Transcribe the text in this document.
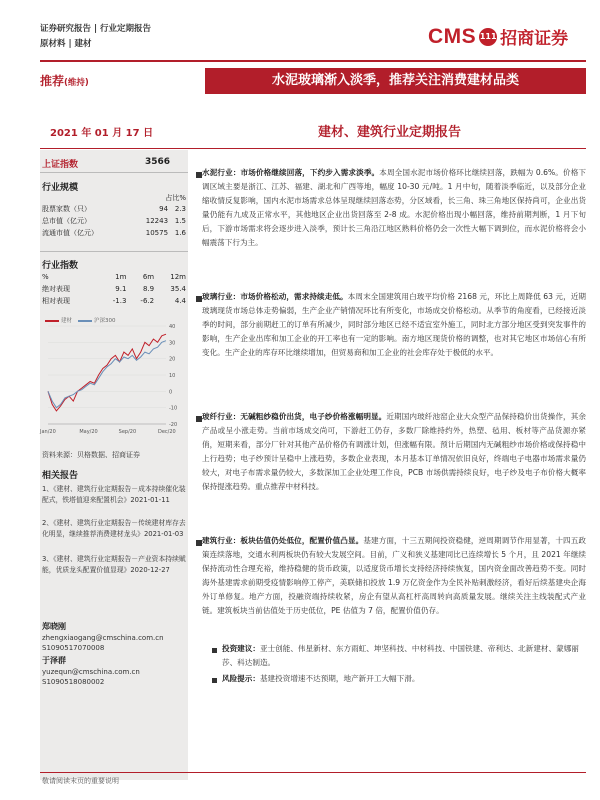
证券研究报告 | 行业定期报告
原材料 | 建材	CMS 111 招商证券
推荐(维持)	水泥玻璃渐入淡季，推荐关注消费建材品类
2021 年 01 月 17 日	建材、建筑行业定期报告
上证指数	3566
行业规模
占比%
股票家数（只）	94	2.3
总市值（亿元）	12243	1.5
流通市值（亿元）	10575	1.6
行业指数
%	1m	6m	12m
绝对表现	9.1	8.9	35.4
相对表现	-1.3	-6.2	4.4
40
30
20
10
0
-10
-20
Jan/20	May/20	Sep/20	Dec/20
建材	沪深300
资料来源：贝格数据、招商证券
相关报告
1、《建材、建筑行业定期报告－成本持续催化装配式，铁塔值迎来配置机会》2021-01-11
2、《建材、建筑行业定期报告－传统建材库存去化明显，继续推荐消费建材龙头》2021-01-03
3、《建材、建筑行业定期报告－产业资本持续赋能，优质龙头配置价值显现》2020-12-27
郑晓刚
zhengxiaogang@cmschina.com.cn
S1090517070008
于泽群
yuzequn@cmschina.com.cn
S1090518080002
水泥行业：市场价格继续回落，下约步入需求淡季。本周全国水泥市场价格环比继续回落，跌幅为 0.6%。价格下调区域主要是浙江、江苏、福建、湖北和广西等地，幅度 10-30 元/吨。1 月中旬，随着淡季临近，以及部分企业缩收情反复影响，国内水泥市场需求总体呈现继续回落态势，分区域看，长三角、珠三角地区保持尚可，企业出货量仍能有九成及正常水平，其他地区企业出货回落至 2-8 成。水泥价格出现小幅回落，维持前期判断，1 月下旬后，下游市场需求将会逐步进入淡季，预计长三角沿江地区熟料价格仍会一次性大幅下调到位，而水泥价格将会小幅震荡下行为主。
玻璃行业：市场价格松动，需求持续走低。本周末全国建筑用白玻平均价格 2168 元，环比上周降低 63 元，近期玻璃现货市场总体走势偏弱，生产企业产销情况环比有所变化，市场成交价格松动。从季节的角度看，已经接近淡季的时间，部分前期赶工的订单有所减少，同时部分地区已经不适宜室外施工，同时北方部分地区受到突发事件的影响，生产企业出库和加工企业的开工率也有一定的影响。南方地区现货价格的调整，也对其它地区市场信心有所变化。生产企业的库存环比继续增加，但贸易商和加工企业的社会库存处于极低的水平。
玻纤行业：无碱粗纱稳价出货，电子纱价格涨幅明显。近期国内玻纤池窑企业大众型产品保持稳价出货操作，其余产品或呈小涨走势。当前市场成交尚可，下游赶工仍存，多数厂除维持约外，热塑、毡用、板材等产品货源亦紧俏，短期来看，部分厂针对其他产品价格仍有调涨计划，但涨幅有限。预计后期国内无碱粗纱市场价格或保持稳中上行趋势；电子纱预计呈稳中上涨趋势，多数企业表现，本月基本订单情况依旧良好，终端电子电器市场需求量仍较大，对电子布需求量仍较大，多数深加工企业处理工作良，PCB 市场供需持续良好，电子纱及电子布价格大概率保持提涨趋势。重点推荐中材科技。
建筑行业：板块估值仍处低位，配置价值凸显。基建方面，十三五期间投资稳健，逆周期调节作用显著，十四五政策连续落地，交通水利两板块仍有较大发展空间。目前，广义和狭义基建同比已连续增长 5 个月，且 2021 年继续保持流动性合理充裕，维持稳健的货币政策，以适度货币增长支持经济持续恢复，国内资金面改善趋势不变。同时海外基建需求前期受疫情影响停工停产，美联储扣投放 1.9 万亿资金作为全民补贴刺激经济，看好后续基建央企海外订单修复。地产方面，投融资端持续收紧，房企有望从高杠杆高周转向高质量发展。继续关注主线装配式产业链。建筑板块当前估值处于历史低位，PE 估值为 7 倍，配置价值仍存。
投资建议：亚士创能、伟星新材、东方雨虹、坤坚科技、中材科技、中国铁建、帝利达、北新建材、蒙娜丽莎、科达制造。
风险提示：基建投资增速不达预期，地产新开工大幅下滑。
敬请阅读末页的重要说明
